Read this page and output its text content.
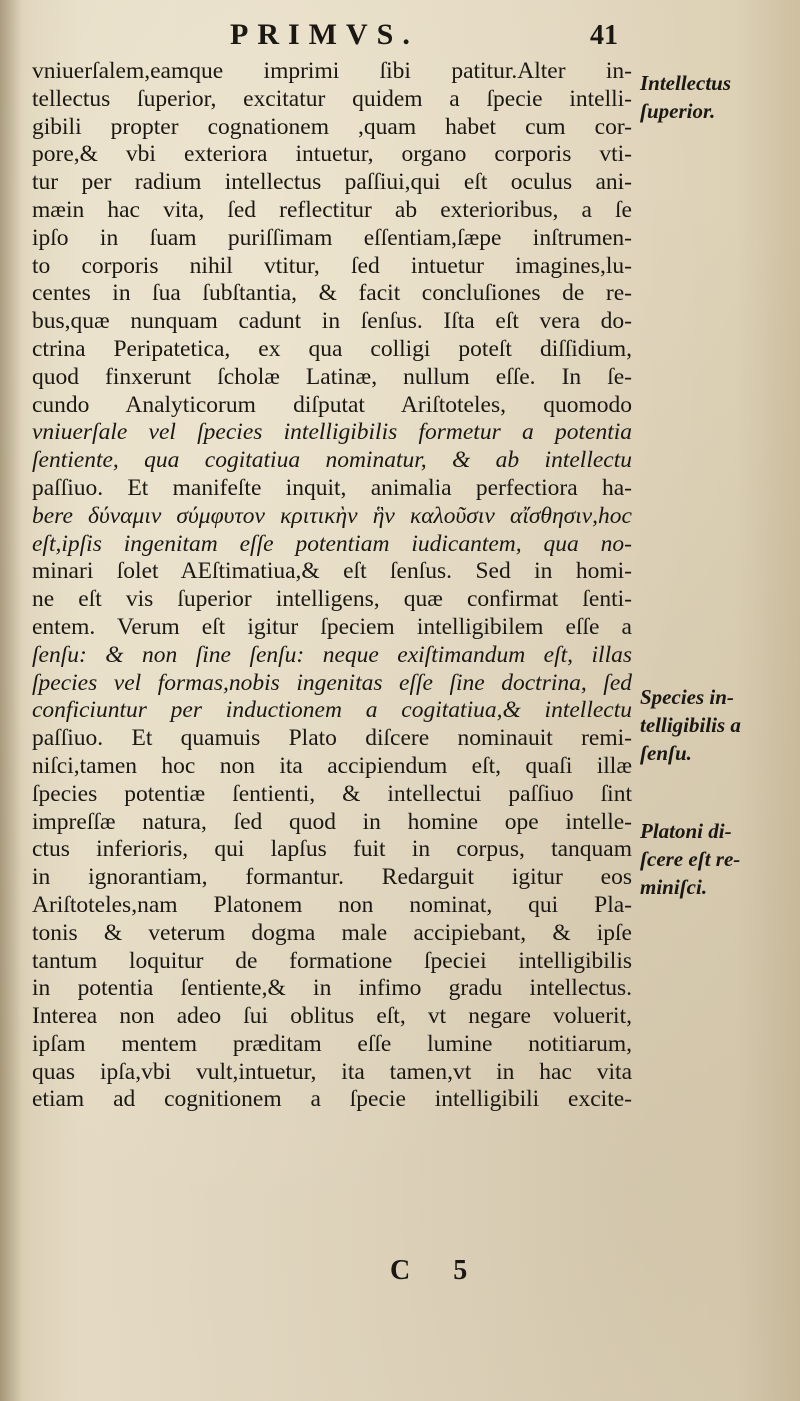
PRIMVS.	41
vniuerſalem,eamque imprimi ſibi patitur.Alter in-
tellectus ſuperior, excitatur quidem a ſpecie intelli-
gibili propter cognationem ,quam habet cum cor-
pore,& vbi exteriora intuetur, organo corporis vti-
tur per radium intellectus paſſiui,qui eſt oculus ani-
mæin hac vita, ſed reflectitur ab exterioribus, a ſe
ipſo in ſuam puriſſimam eſſentiam,ſæpe inſtrumen-
to corporis nihil vtitur, ſed intuetur imagines,lu-
centes in ſua ſubſtantia, & facit concluſiones de re-
bus,quæ nunquam cadunt in ſenſus. Iſta eſt vera do-
ctrina Peripatetica, ex qua colligi poteſt diſſidium,
quod finxerunt ſcholæ Latinæ, nullum eſſe. In ſe-
cundo Analyticorum diſputat Ariſtoteles, quomodo
vniuerſale vel ſpecies intelligibilis formetur a potentia
ſentiente, qua cogitatiua nominatur, & ab intellectu
paſſiuo. Et manifeſte inquit, animalia perfectiora ha-
bere δύναμιν σύμφυτον κριτικὴν ἣν καλοῦσιν αἴσθησιν,hoc
eſt,ipſis ingenitam eſſe potentiam iudicantem, qua no-
minari ſolet AEſtimatiua,& eſt ſenſus. Sed in homi-
ne eſt vis ſuperior intelligens, quæ confirmat ſenti-
entem. Verum eſt igitur ſpeciem intelligibilem eſſe a
ſenſu: & non ſine ſenſu: neque exiſtimandum eſt, illas
ſpecies vel formas,nobis ingenitas eſſe ſine doctrina, ſed
conficiuntur per inductionem a cogitatiua,& intellectu
paſſiuo. Et quamuis Plato diſcere nominauit remi-
niſci,tamen hoc non ita accipiendum eſt, quaſi illæ
ſpecies potentiæ ſentienti, & intellectui paſſiuo ſint
impreſſæ natura, ſed quod in homine ope intelle-
ctus inferioris, qui lapſus fuit in corpus, tanquam
in ignorantiam, formantur. Redarguit igitur eos
Ariſtoteles,nam Platonem non nominat, qui Pla-
tonis & veterum dogma male accipiebant, & ipſe
tantum loquitur de formatione ſpeciei intelligibilis
in potentia ſentiente,& in infimo gradu intellectus.
Interea non adeo ſui oblitus eſt, vt negare voluerit,
ipſam mentem præditam eſſe lumine notitiarum,
quas ipſa,vbi vult,intuetur, ita tamen,vt in hac vita
etiam ad cognitionem a ſpecie intelligibili excite-
Intellectus
ſuperior.
Species in-
telligibilis a
ſenſu.
Platoni di-
ſcere eſt re-
miniſci.
C 5
